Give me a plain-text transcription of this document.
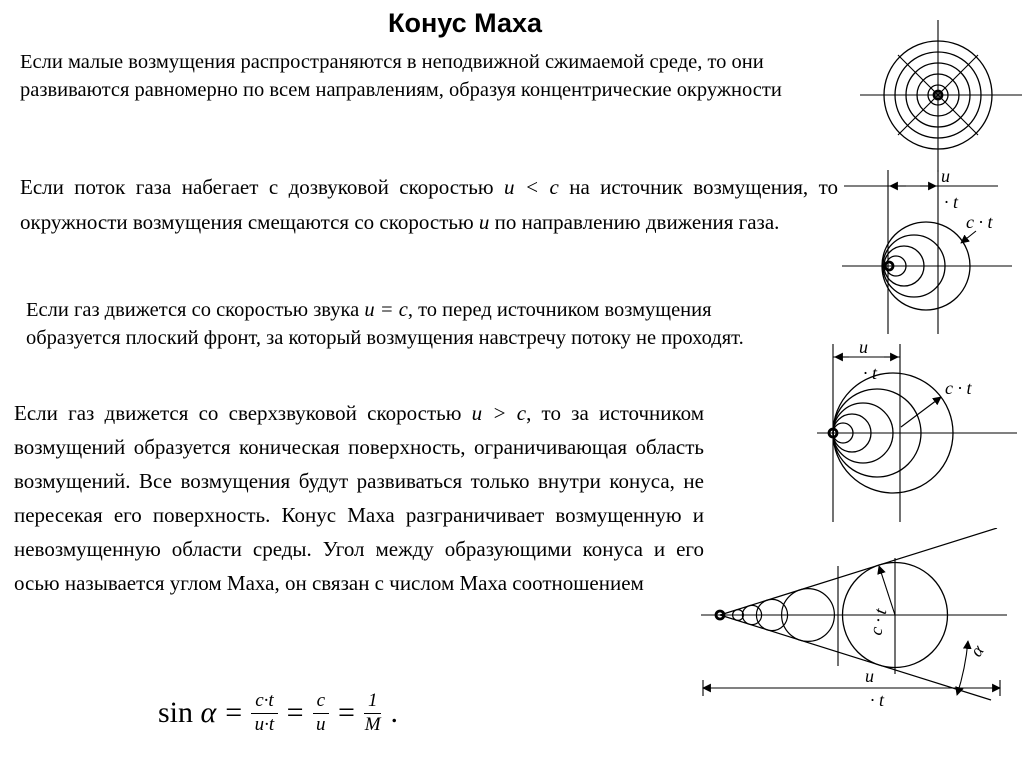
Конус Маха

Если малые возмущения распространяются в неподвижной сжимаемой среде, то они развиваются равномерно по всем направлениям, образуя концентрические окружности

Если поток газа набегает с дозвуковой скоростью u < c на источник возмущения, то окружности возмущения смещаются со скоростью u по направлению движения газа.

Если газ движется со скоростью звука u = c, то перед источником возмущения образуется плоский фронт, за который возмущения навстречу потоку не проходят.

Если газ движется со сверхзвуковой скоростью u > c, то за источником возмущений образуется коническая поверхность, ограничивающая область возмущений. Все возмущения будут развиваться только внутри конуса, не пересекая его поверхность. Конус Маха разграничивает возмущенную и невозмущенную области среды. Угол между образующими конуса и его осью называется углом Маха, он связан с числом Маха соотношением

$\sin \alpha = \frac{c\cdot t}{u\cdot t} = \frac{c}{u} = \frac{1}{M}$ .
u
· t
c · t
u
· t
c · t
c · t
u
· t
α
